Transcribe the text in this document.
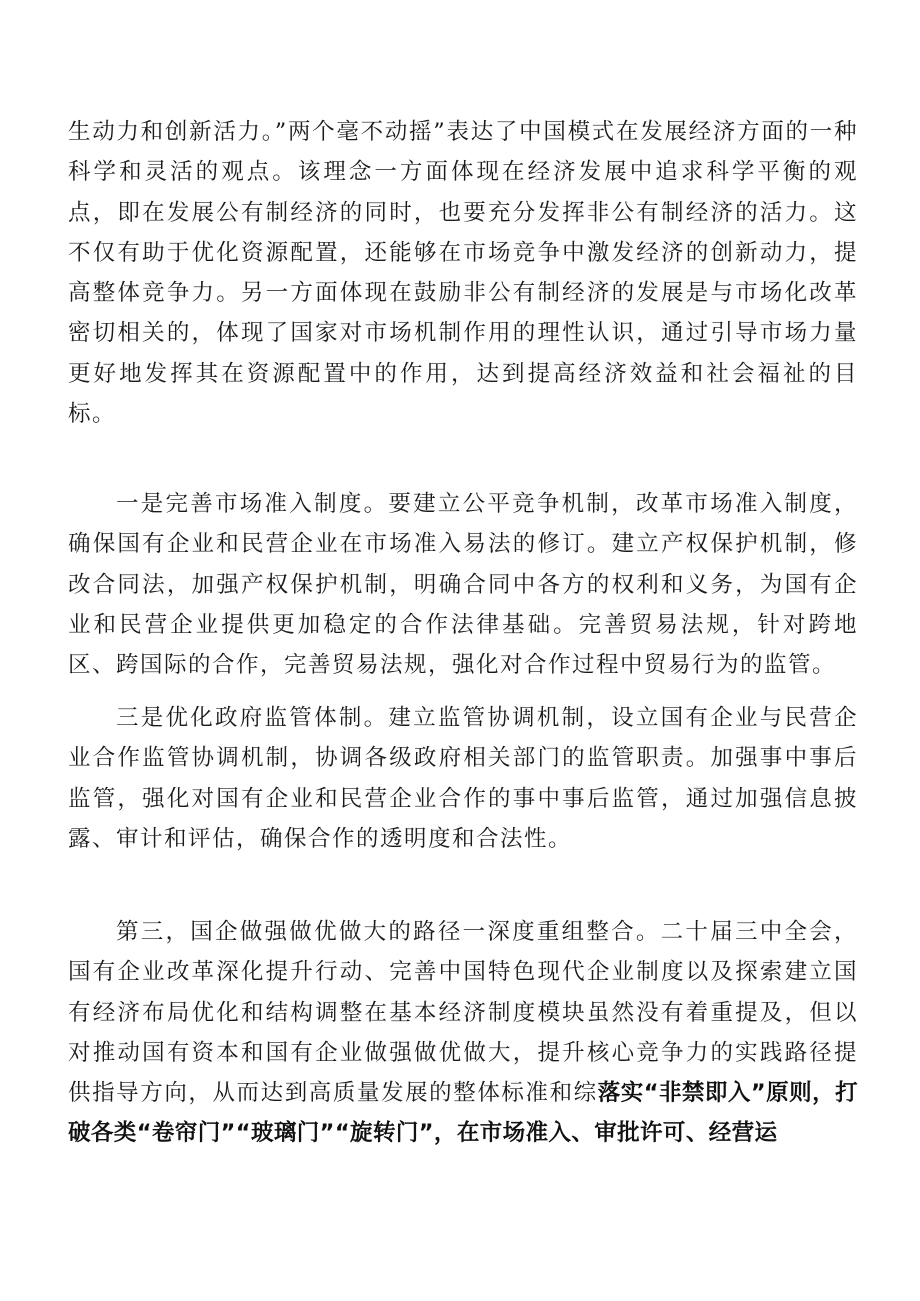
生动力和创新活力。”两个毫不动摇”表达了中国模式在发展经济方面的一种科学和灵活的观点。该理念一方面体现在经济发展中追求科学平衡的观点，即在发展公有制经济的同时，也要充分发挥非公有制经济的活力。这不仅有助于优化资源配置，还能够在市场竞争中激发经济的创新动力，提高整体竞争力。另一方面体现在鼓励非公有制经济的发展是与市场化改革密切相关的，体现了国家对市场机制作用的理性认识，通过引导市场力量更好地发挥其在资源配置中的作用，达到提高经济效益和社会福祉的目标。

一是完善市场准入制度。要建立公平竞争机制，改革市场准入制度，确保国有企业和民营企业在市场准入易法的修订。建立产权保护机制，修改合同法，加强产权保护机制，明确合同中各方的权利和义务，为国有企业和民营企业提供更加稳定的合作法律基础。完善贸易法规，针对跨地区、跨国际的合作，完善贸易法规，强化对合作过程中贸易行为的监管。

三是优化政府监管体制。建立监管协调机制，设立国有企业与民营企业合作监管协调机制，协调各级政府相关部门的监管职责。加强事中事后监管，强化对国有企业和民营企业合作的事中事后监管，通过加强信息披露、审计和评估，确保合作的透明度和合法性。

第三，国企做强做优做大的路径一深度重组整合。二十届三中全会，国有企业改革深化提升行动、完善中国特色现代企业制度以及探索建立国有经济布局优化和结构调整在基本经济制度模块虽然没有着重提及，但以对推动国有资本和国有企业做强做优做大，提升核心竞争力的实践路径提供指导方向，从而达到高质量发展的整体标准和综落实“非禁即入”原则，打破各类“卷帘门”“玻璃门”“旋转门”，在市场准入、审批许可、经营运
